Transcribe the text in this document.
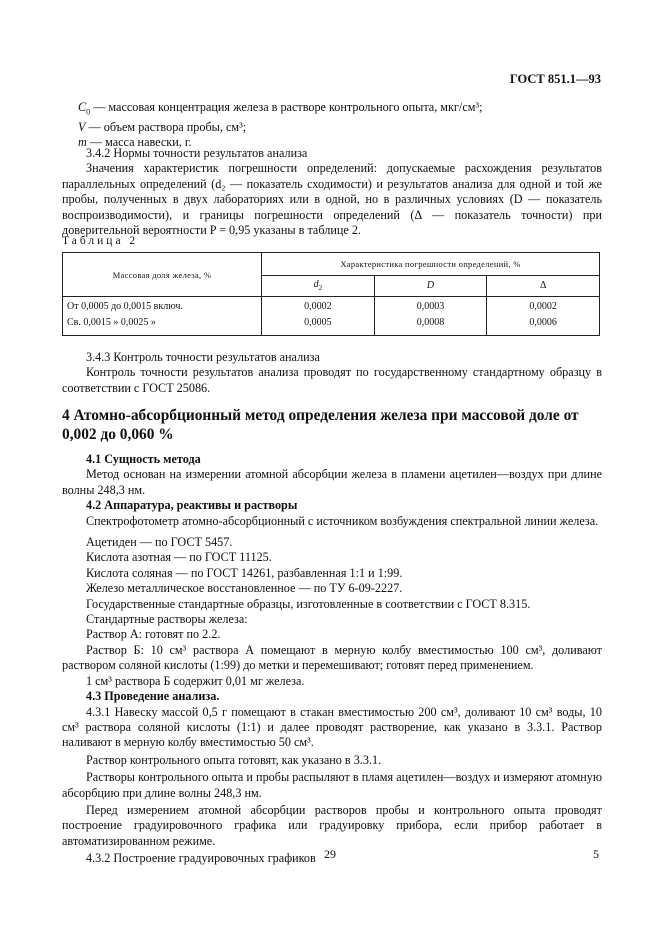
ГОСТ 851.1—93
$C_0$ — массовая концентрация железа в растворе контрольного опыта, мкг/см³;
V — объем раствора пробы, см³;
m — масса навески, г.

3.4.2 Нормы точности результатов анализа

Значения характеристик погрешности определений: допускаемые расхождения результатов параллельных определений (d₂ — показатель сходимости) и результатов анализа для одной и той же пробы, полученных в двух лабораториях или в одной, но в различных условиях (D — показатель воспроизводимости), и границы погрешности определений (Δ — показатель точности) при доверительной вероятности P = 0,95 указаны в таблице 2.

Таблица 2
Массовая доля железа, %	Характеристика погрешности определений, %		
	$d_2$	D	Δ
От 0,0005 до 0,0015 включ.	0,0002	0,0003	0,0002
Св. 0,0015 » 0,0025 »	0,0005	0,0008	0,0006

3.4.3 Контроль точности результатов анализа

Контроль точности результатов анализа проводят по государственному стандартному образцу в соответствии с ГОСТ 25086.

4 Атомно-абсорбционный метод определения железа при массовой доле от 0,002 до 0,060 %

4.1 Сущность метода

Метод основан на измерении атомной абсорбции железа в пламени ацетилен—воздух при длине волны 248,3 нм.

4.2 Аппаратура, реактивы и растворы

Спектрофотометр атомно-абсорбционный с источником возбуждения спектральной линии железа.

Ацетиден — по ГОСТ 5457.

Кислота азотная — по ГОСТ 11125.

Кислота соляная — по ГОСТ 14261, разбавленная 1:1 и 1:99.

Железо металлическое восстановленное — по ТУ 6-09-2227.

Государственные стандартные образцы, изготовленные в соответствии с ГОСТ 8.315.

Стандартные растворы железа:

Раствор А: готовят по 2.2.

Раствор Б: 10 см³ раствора А помещают в мерную колбу вместимостью 100 см³, доливают раствором соляной кислоты (1:99) до метки и перемешивают; готовят перед применением.

1 см³ раствора Б содержит 0,01 мг железа.

4.3 Проведение анализа.

4.3.1 Навеску массой 0,5 г помещают в стакан вместимостью 200 см³, доливают 10 см³ воды, 10 см³ раствора соляной кислоты (1:1) и далее проводят растворение, как указано в 3.3.1. Раствор наливают в мерную колбу вместимостью 50 см³.

Раствор контрольного опыта готовят, как указано в 3.3.1.

Растворы контрольного опыта и пробы распыляют в пламя ацетилен—воздух и измеряют атомную абсорбцию при длине волны 248,3 нм.

Перед измерением атомной абсорбции растворов пробы и контрольного опыта проводят построение градуировочного графика или градуировку прибора, если прибор работает в автоматизированном режиме.

4.3.2 Построение градуировочных графиков 29	5
